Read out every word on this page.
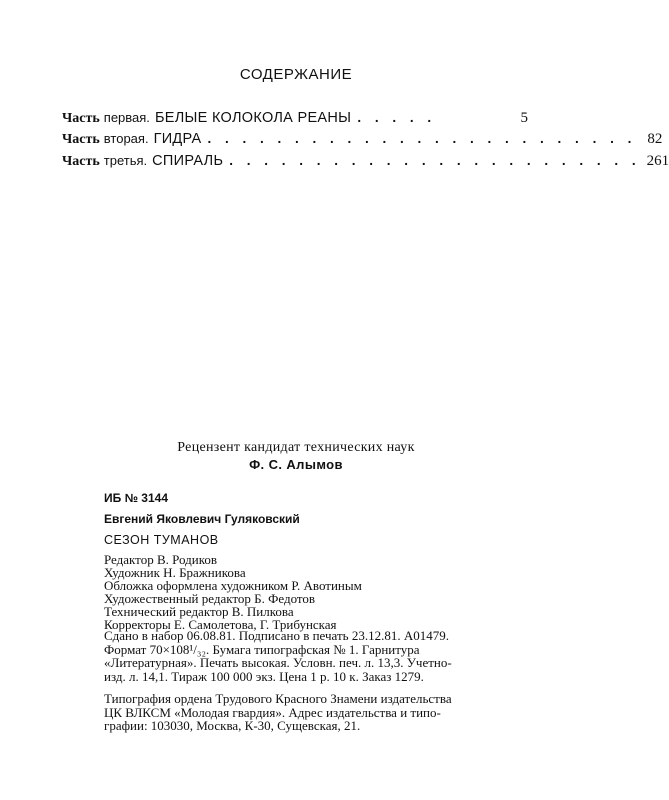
СОДЕРЖАНИЕ
Часть первая. БЕЛЫЕ КОЛОКОЛА РЕАНЫ . . . . .	5
Часть вторая. ГИДРА . . . . . . . . . . . . . . . . . . . . . . . . . 82
Часть третья. СПИРАЛЬ . . . . . . . . . . . . . . . . . . . . . . . . 261
Рецензент кандидат технических наук
Ф. С. Алымов
ИБ № 3144
Евгений Яковлевич Гуляковский
СЕЗОН ТУМАНОВ
Редактор В. Родиков
Художник Н. Бражникова
Обложка оформлена художником Р. Авотиным
Художественный редактор Б. Федотов
Технический редактор В. Пилкова
Корректоры Е. Самолетова, Г. Трибунская
Сдано в набор 06.08.81. Подписано в печать 23.12.81. А01479.
Формат 70×108¹/₃₂. Бумага типографская № 1. Гарнитура
«Литературная». Печать высокая. Условн. печ. л. 13,3. Учетно-
изд. л. 14,1. Тираж 100 000 экз. Цена 1 р. 10 к. Заказ 1279.
Типография ордена Трудового Красного Знамени издательства
ЦК ВЛКСМ «Молодая гвардия». Адрес издательства и типо-
графии: 103030, Москва, К-30, Сущевская, 21.
